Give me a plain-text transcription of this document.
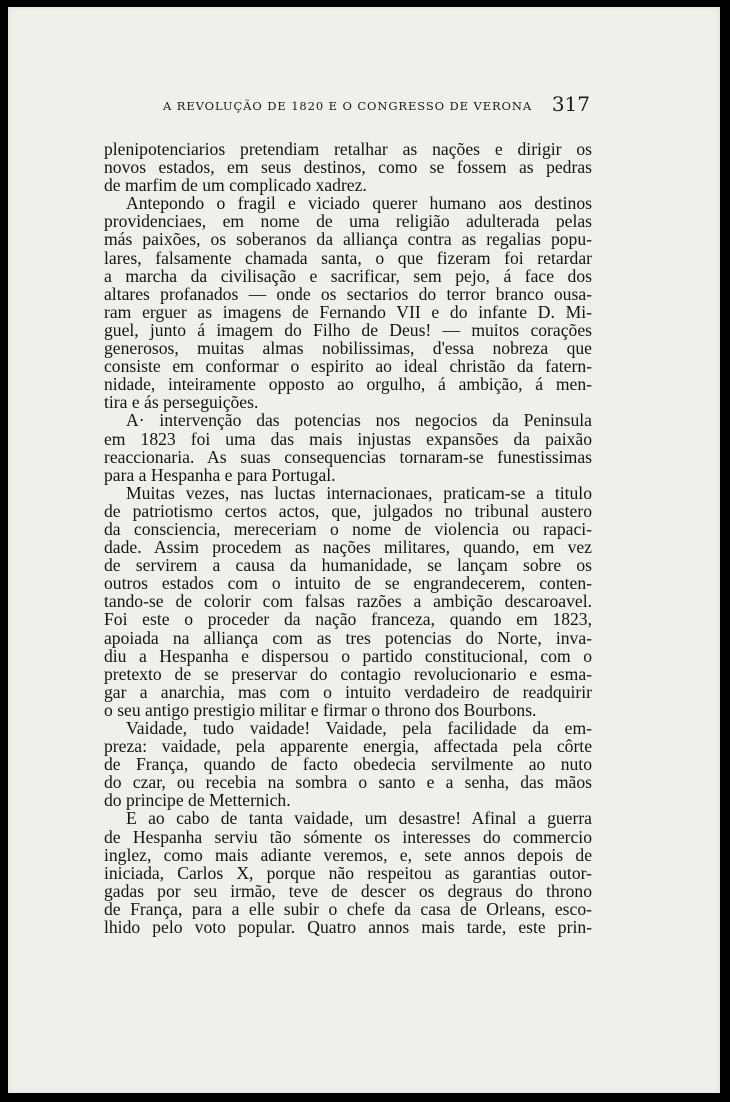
A REVOLUÇÃO DE 1820 E O CONGRESSO DE VERONA 317
plenipotenciarios pretendiam retalhar as nações e dirigir os
novos estados, em seus destinos, como se fossem as pedras
de marfim de um complicado xadrez.
Antepondo o fragil e viciado querer humano aos destinos
providenciaes, em nome de uma religião adulterada pelas
más paixões, os soberanos da alliança contra as regalias popu-
lares, falsamente chamada santa, o que fizeram foi retardar
a marcha da civilisação e sacrificar, sem pejo, á face dos
altares profanados — onde os sectarios do terror branco ousa-
ram erguer as imagens de Fernando VII e do infante D. Mi-
guel, junto á imagem do Filho de Deus! — muitos corações
generosos, muitas almas nobilissimas, d'essa nobreza que
consiste em conformar o espirito ao ideal christão da fatern-
nidade, inteiramente opposto ao orgulho, á ambição, á men-
tira e ás perseguições.
A· intervenção das potencias nos negocios da Peninsula
em 1823 foi uma das mais injustas expansões da paixão
reaccionaria. As suas consequencias tornaram-se funestissimas
para a Hespanha e para Portugal.
Muitas vezes, nas luctas internacionaes, praticam-se a titulo
de patriotismo certos actos, que, julgados no tribunal austero
da consciencia, mereceriam o nome de violencia ou rapaci-
dade. Assim procedem as nações militares, quando, em vez
de servirem a causa da humanidade, se lançam sobre os
outros estados com o intuito de se engrandecerem, conten-
tando-se de colorir com falsas razões a ambição descaroavel.
Foi este o proceder da nação franceza, quando em 1823,
apoiada na alliança com as tres potencias do Norte, inva-
diu a Hespanha e dispersou o partido constitucional, com o
pretexto de se preservar do contagio revolucionario e esma-
gar a anarchia, mas com o intuito verdadeiro de readquirir
o seu antigo prestigio militar e firmar o throno dos Bourbons.
Vaidade, tudo vaidade! Vaidade, pela facilidade da em-
preza: vaidade, pela apparente energia, affectada pela côrte
de França, quando de facto obedecia servilmente ao nuto
do czar, ou recebia na sombra o santo e a senha, das mãos
do principe de Metternich.
E ao cabo de tanta vaidade, um desastre! Afinal a guerra
de Hespanha serviu tão sómente os interesses do commercio
inglez, como mais adiante veremos, e, sete annos depois de
iniciada, Carlos X, porque não respeitou as garantias outor-
gadas por seu irmão, teve de descer os degraus do throno
de França, para a elle subir o chefe da casa de Orleans, esco-
lhido pelo voto popular. Quatro annos mais tarde, este prin-
